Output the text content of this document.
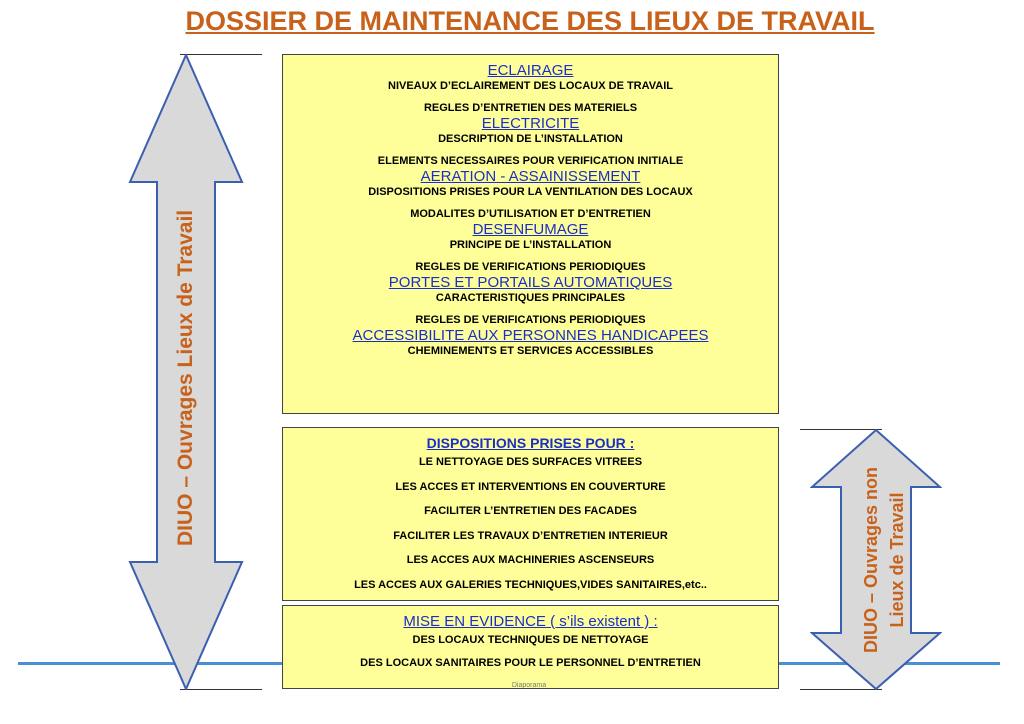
DOSSIER DE MAINTENANCE DES LIEUX DE TRAVAIL
DIUO – Ouvrages Lieux de Travail
DIUO – Ouvrages non Lieux de Travail
ECLAIRAGE
NIVEAUX D’ECLAIREMENT DES LOCAUX DE TRAVAIL
REGLES D’ENTRETIEN DES MATERIELS
ELECTRICITE
DESCRIPTION DE L’INSTALLATION
ELEMENTS NECESSAIRES POUR VERIFICATION INITIALE
AERATION - ASSAINISSEMENT
DISPOSITIONS PRISES POUR LA VENTILATION DES LOCAUX
MODALITES D’UTILISATION ET D’ENTRETIEN
DESENFUMAGE
PRINCIPE DE L’INSTALLATION
REGLES DE VERIFICATIONS PERIODIQUES
PORTES ET PORTAILS AUTOMATIQUES
CARACTERISTIQUES PRINCIPALES
REGLES DE VERIFICATIONS PERIODIQUES
ACCESSIBILITE AUX PERSONNES HANDICAPEES
CHEMINEMENTS ET SERVICES ACCESSIBLES
DISPOSITIONS PRISES POUR :
LE NETTOYAGE DES SURFACES VITREES
LES ACCES ET INTERVENTIONS EN COUVERTURE
FACILITER L’ENTRETIEN DES FACADES
FACILITER LES TRAVAUX D’ENTRETIEN INTERIEUR
LES ACCES AUX MACHINERIES ASCENSEURS
LES ACCES AUX GALERIES TECHNIQUES,VIDES SANITAIRES,etc..
MISE EN EVIDENCE ( s’ils existent ) :
DES LOCAUX TECHNIQUES DE NETTOYAGE
DES LOCAUX SANITAIRES POUR LE PERSONNEL D’ENTRETIEN
Diaporama
